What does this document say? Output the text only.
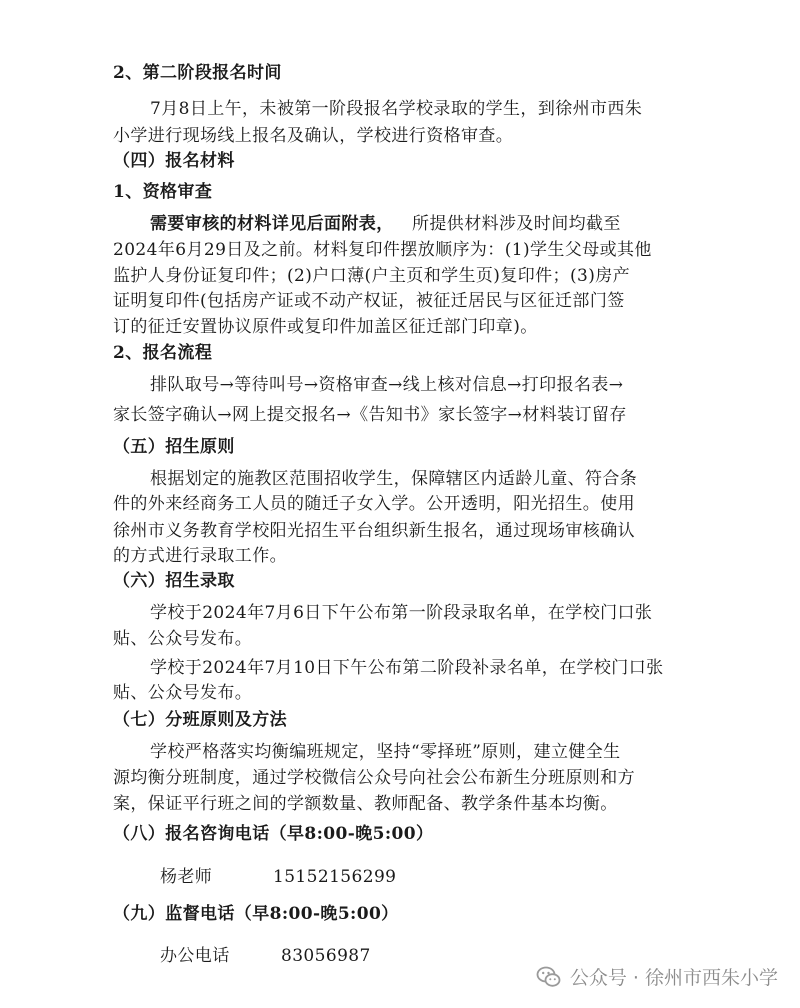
2、第二阶段报名时间
7月8日上午，未被第一阶段报名学校录取的学生，到徐州市西朱
小学进行现场线上报名及确认，学校进行资格审查。
（四）报名材料
1、资格审查
需要审核的材料详见后面附表， 所提供材料涉及时间均截至
2024年6月29日及之前。材料复印件摆放顺序为：(1)学生父母或其他
监护人身份证复印件；(2)户口薄(户主页和学生页)复印件；(3)房产
证明复印件(包括房产证或不动产权证，被征迁居民与区征迁部门签
订的征迁安置协议原件或复印件加盖区征迁部门印章)。
2、报名流程
排队取号→等待叫号→资格审查→线上核对信息→打印报名表→
家长签字确认→网上提交报名→《告知书》家长签字→材料装订留存
（五）招生原则
根据划定的施教区范围招收学生，保障辖区内适龄儿童、符合条
件的外来经商务工人员的随迁子女入学。公开透明，阳光招生。使用
徐州市义务教育学校阳光招生平台组织新生报名，通过现场审核确认
的方式进行录取工作。
（六）招生录取
学校于2024年7月6日下午公布第一阶段录取名单，在学校门口张
贴、公众号发布。
学校于2024年7月10日下午公布第二阶段补录名单，在学校门口张
贴、公众号发布。
（七）分班原则及方法
学校严格落实均衡编班规定，坚持“零择班”原则，建立健全生
源均衡分班制度，通过学校微信公众号向社会公布新生分班原则和方
案，保证平行班之间的学额数量、教师配备、教学条件基本均衡。
（八）报名咨询电话（早8:00-晚5:00）
杨老师	15152156299
（九）监督电话（早8:00-晚5:00）
办公电话	83056987
公众号 · 徐州市西朱小学
